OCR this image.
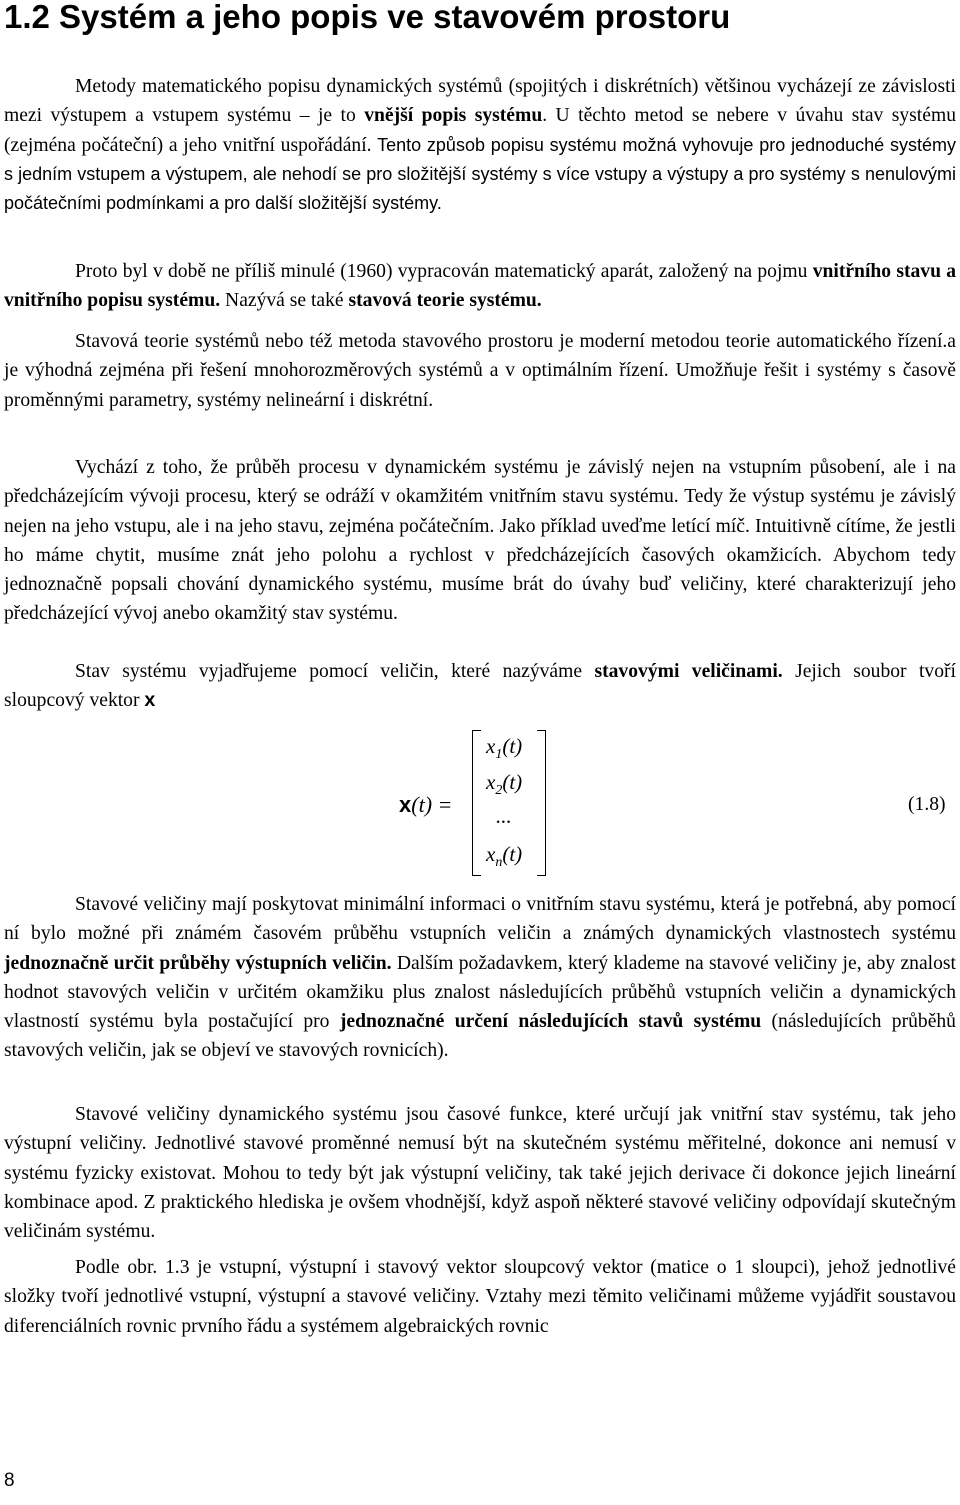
1.2 Systém a jeho popis ve stavovém prostoru

Metody matematického popisu dynamických systémů (spojitých i diskrétních) většinou vycházejí ze závislosti mezi výstupem a vstupem systému – je to vnější popis systému. U těchto metod se nebere v úvahu stav systému (zejména počáteční) a jeho vnitřní uspořádání. Tento způsob popisu systému možná vyhovuje pro jednoduché systémy s jedním vstupem a výstupem, ale nehodí se pro složitější systémy s více vstupy a výstupy a pro systémy s nenulovými počátečními podmínkami a pro další složitější systémy.

Proto byl v době ne příliš minulé (1960) vypracován matematický aparát, založený na pojmu vnitřního stavu a vnitřního popisu systému. Nazývá se také stavová teorie systému.

Stavová teorie systémů nebo též metoda stavového prostoru je moderní metodou teorie automatického řízení.a je výhodná zejména při řešení mnohorozměrových systémů a v optimálním řízení. Umožňuje řešit i systémy s časově proměnnými parametry, systémy nelineární i diskrétní.

Vychází z toho, že průběh procesu v dynamickém systému je závislý nejen na vstupním působení, ale i na předcházejícím vývoji procesu, který se odráží v okamžitém vnitřním stavu systému. Tedy že výstup systému je závislý nejen na jeho vstupu, ale i na jeho stavu, zejména počátečním. Jako příklad uveďme letící míč. Intuitivně cítíme, že jestli ho máme chytit, musíme znát jeho polohu a rychlost v předcházejících časových okamžicích. Abychom tedy jednoznačně popsali chování dynamického systému, musíme brát do úvahy buď veličiny, které charakterizují jeho předcházející vývoj anebo okamžitý stav systému.

Stav systému vyjadřujeme pomocí veličin, které nazýváme stavovými veličinami. Jejich soubor tvoří sloupcový vektor x

x(t) =
$x_1(t)$
$x_2(t)$
...
$x_n(t)$
(1.8)

Stavové veličiny mají poskytovat minimální informaci o vnitřním stavu systému, která je potřebná, aby pomocí ní bylo možné při známém časovém průběhu vstupních veličin a známých dynamických vlastnostech systému jednoznačně určit průběhy výstupních veličin. Dalším požadavkem, který klademe na stavové veličiny je, aby znalost hodnot stavových veličin v určitém okamžiku plus znalost následujících průběhů vstupních veličin a dynamických vlastností systému byla postačující pro jednoznačné určení následujících stavů systému (následujících průběhů stavových veličin, jak se objeví ve stavových rovnicích).

Stavové veličiny dynamického systému jsou časové funkce, které určují jak vnitřní stav systému, tak jeho výstupní veličiny. Jednotlivé stavové proměnné nemusí být na skutečném systému měřitelné, dokonce ani nemusí v systému fyzicky existovat. Mohou to tedy být jak výstupní veličiny, tak také jejich derivace či dokonce jejich lineární kombinace apod. Z praktického hlediska je ovšem vhodnější, když aspoň některé stavové veličiny odpovídají skutečným veličinám systému.

Podle obr. 1.3 je vstupní, výstupní i stavový vektor sloupcový vektor (matice o 1 sloupci), jehož jednotlivé složky tvoří jednotlivé vstupní, výstupní a stavové veličiny. Vztahy mezi těmito veličinami můžeme vyjádřit soustavou diferenciálních rovnic prvního řádu a systémem algebraických rovnic

8
